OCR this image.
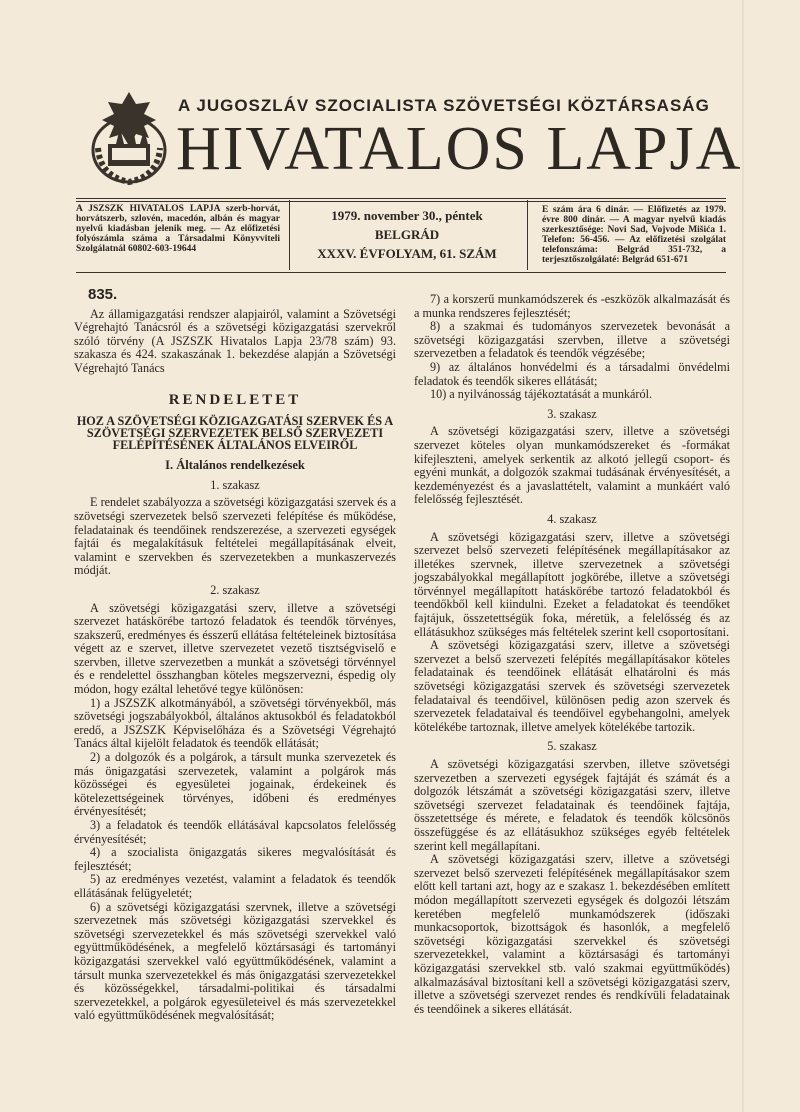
A JUGOSZLÁV SZOCIALISTA SZÖVETSÉGI KÖZTÁRSASÁG
HIVATALOS LAPJA
A JSZSZK HIVATALOS LAPJA szerb-horvát, horvátszerb, szlovén, macedón, albán és magyar nyelvű kiadásban jelenik meg. — Az előfizetési folyószámla száma a Társadalmi Könyvviteli Szolgálatnál 60802-603-19644
1979. november 30., péntek
BELGRÁD
XXXV. ÉVFOLYAM, 61. SZÁM
E szám ára 6 dinár. — Előfizetés az 1979. évre 800 dinár. — A magyar nyelvű kiadás szerkesztősége: Novi Sad, Vojvode Mišića 1. Telefon: 56-456. — Az előfizetési szolgálat telefonszáma: Belgrád 351-732, a terjesztőszolgálaté: Belgrád 651-671
835.

Az államigazgatási rendszer alapjairól, valamint a Szövetségi Végrehajtó Tanácsról és a szövetségi közigazgatási szervekről szóló törvény (A JSZSZK Hivatalos Lapja 23/78 szám) 93. szakasza és 424. szakaszának 1. bekezdése alapján a Szövetségi Végrehajtó Tanács

RENDELETET
HOZ A SZÖVETSÉGI KÖZIGAZGATÁSI SZERVEK ÉS A SZÖVETSÉGI SZERVEZETEK BELSŐ SZERVEZETI FELÉPÍTÉSÉNEK ÁLTALÁNOS ELVEIRŐL
I. Általános rendelkezések
1. szakasz

E rendelet szabályozza a szövetségi közigazgatási szervek és a szövetségi szervezetek belső szervezeti felépítése és működése, feladatainak és teendőinek rendszerezése, a szervezeti egységek fajtái és megalakításuk feltételei megállapításának elveit, valamint e szervekben és szervezetekben a munkaszervezés módját.

2. szakasz

A szövetségi közigazgatási szerv, illetve a szövetségi szervezet hatáskörébe tartozó feladatok és teendők törvényes, szakszerű, eredményes és ésszerű ellátása feltételeinek biztosítása végett az e szervet, illetve szervezetet vezető tisztségviselő e szervben, illetve szervezetben a munkát a szövetségi törvénnyel és e rendelettel összhangban köteles megszervezni, éspedig oly módon, hogy ezáltal lehetővé tegye különösen:

1) a JSZSZK alkotmányából, a szövetségi törvényekből, más szövetségi jogszabályokból, általános aktusokból és feladatokból eredő, a JSZSZK Képviselőháza és a Szövetségi Végrehajtó Tanács által kijelölt feladatok és teendők ellátását;

2) a dolgozók és a polgárok, a társult munka szervezetek és más önigazgatási szervezetek, valamint a polgárok más közösségei és egyesületei jogainak, érdekeinek és kötelezettségeinek törvényes, időbeni és eredményes érvényesítését;

3) a feladatok és teendők ellátásával kapcsolatos felelősség érvényesítését;

4) a szocialista önigazgatás sikeres megvalósítását és fejlesztését;

5) az eredményes vezetést, valamint a feladatok és teendők ellátásának felügyeletét;

6) a szövetségi közigazgatási szervnek, illetve a szövetségi szervezetnek más szövetségi közigazgatási szervekkel és szövetségi szervezetekkel és más szövetségi szervekkel való együttműködésének, a megfelelő köztársasági és tartományi közigazgatási szervekkel való együttműködésének, valamint a társult munka szervezetekkel és más önigazgatási szervezetekkel és közösségekkel, társadalmi-politikai és társadalmi szervezetekkel, a polgárok egyesületeivel és más szervezetekkel való együttműködésének megvalósítását;

7) a korszerű munkamódszerek és -eszközök alkalmazását és a munka rendszeres fejlesztését;

8) a szakmai és tudományos szervezetek bevonását a szövetségi közigazgatási szervben, illetve a szövetségi szervezetben a feladatok és teendők végzésébe;

9) az általános honvédelmi és a társadalmi önvédelmi feladatok és teendők sikeres ellátását;

10) a nyilvánosság tájékoztatását a munkáról.

3. szakasz

A szövetségi közigazgatási szerv, illetve a szövetségi szervezet köteles olyan munkamódszereket és -formákat kifejleszteni, amelyek serkentik az alkotó jellegű csoport- és egyéni munkát, a dolgozók szakmai tudásának érvényesítését, a kezdeményezést és a javaslattételt, valamint a munkáért való felelősség fejlesztését.

4. szakasz

A szövetségi közigazgatási szerv, illetve a szövetségi szervezet belső szervezeti felépítésének megállapításakor az illetékes szervnek, illetve szervezetnek a szövetségi jogszabályokkal megállapított jogkörébe, illetve a szövetségi törvénnyel megállapított hatáskörébe tartozó feladatokból és teendőkből kell kiindulni. Ezeket a feladatokat és teendőket fajtájuk, összetettségük foka, méretük, a felelősség és az ellátásukhoz szükséges más feltételek szerint kell csoportosítani.

A szövetségi közigazgatási szerv, illetve a szövetségi szervezet a belső szervezeti felépítés megállapításakor köteles feladatainak és teendőinek ellátását elhatárolni és más szövetségi közigazgatási szervek és szövetségi szervezetek feladataival és teendőivel, különösen pedig azon szervek és szervezetek feladataival és teendőivel egybehangolni, amelyek kötelékébe tartoznak, illetve amelyek kötelékébe tartozik.

5. szakasz

A szövetségi közigazgatási szervben, illetve szövetségi szervezetben a szervezeti egységek fajtáját és számát és a dolgozók létszámát a szövetségi közigazgatási szerv, illetve szövetségi szervezet feladatainak és teendőinek fajtája, összetettsége és mérete, e feladatok és teendők kölcsönös összefüggése és az ellátásukhoz szükséges egyéb feltételek szerint kell megállapítani.

A szövetségi közigazgatási szerv, illetve a szövetségi szervezet belső szervezeti felépítésének megállapításakor szem előtt kell tartani azt, hogy az e szakasz 1. bekezdésében említett módon megállapított szervezeti egységek és dolgozói létszám keretében megfelelő munkamódszerek (időszaki munkacsoportok, bizottságok és hasonlók, a megfelelő szövetségi közigazgatási szervekkel és szövetségi szervezetekkel, valamint a köztársasági és tartományi közigazgatási szervekkel stb. való szakmai együttműködés) alkalmazásával biztosítani kell a szövetségi közigazgatási szerv, illetve a szövetségi szervezet rendes és rendkívüli feladatainak és teendőinek a sikeres ellátását.
